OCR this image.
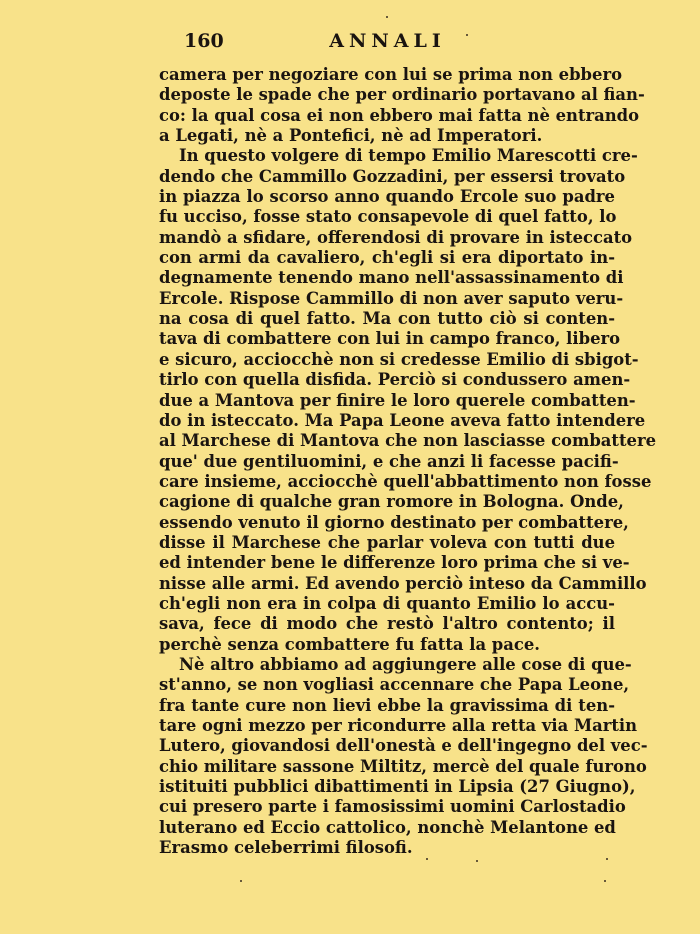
160	ANNALI
camera per negoziare con lui se prima non ebbero
deposte le spade che per ordinario portavano al fian-
co: la qual cosa ei non ebbero mai fatta nè entrando
a Legati, nè a Pontefici, nè ad Imperatori.
In questo volgere di tempo Emilio Marescotti cre-
dendo che Cammillo Gozzadini, per essersi trovato
in piazza lo scorso anno quando Ercole suo padre
fu ucciso, fosse stato consapevole di quel fatto, lo
mandò a sfidare, offerendosi di provare in isteccato
con armi da cavaliero, ch'egli si era diportato in-
degnamente tenendo mano nell'assassinamento di
Ercole. Rispose Cammillo di non aver saputo veru-
na cosa di quel fatto. Ma con tutto ciò si conten-
tava di combattere con lui in campo franco, libero
e sicuro, acciocchè non si credesse Emilio di sbigot-
tirlo con quella disfida. Perciò si condussero amen-
due a Mantova per finire le loro querele combatten-
do in isteccato. Ma Papa Leone aveva fatto intendere
al Marchese di Mantova che non lasciasse combattere
que' due gentiluomini, e che anzi li facesse pacifi-
care insieme, acciocchè quell'abbattimento non fosse
cagione di qualche gran romore in Bologna. Onde,
essendo venuto il giorno destinato per combattere,
disse il Marchese che parlar voleva con tutti due
ed intender bene le differenze loro prima che si ve-
nisse alle armi. Ed avendo perciò inteso da Cammillo
ch'egli non era in colpa di quanto Emilio lo accu-
sava, fece di modo che restò l'altro contento; il
perchè senza combattere fu fatta la pace.
Nè altro abbiamo ad aggiungere alle cose di que-
st'anno, se non vogliasi accennare che Papa Leone,
fra tante cure non lievi ebbe la gravissima di ten-
tare ogni mezzo per ricondurre alla retta via Martin
Lutero, giovandosi dell'onestà e dell'ingegno del vec-
chio militare sassone Miltitz, mercè del quale furono
istituiti pubblici dibattimenti in Lipsia (27 Giugno),
cui presero parte i famosissimi uomini Carlostadio
luterano ed Eccio cattolico, nonchè Melantone ed
Erasmo celeberrimi filosofi.
